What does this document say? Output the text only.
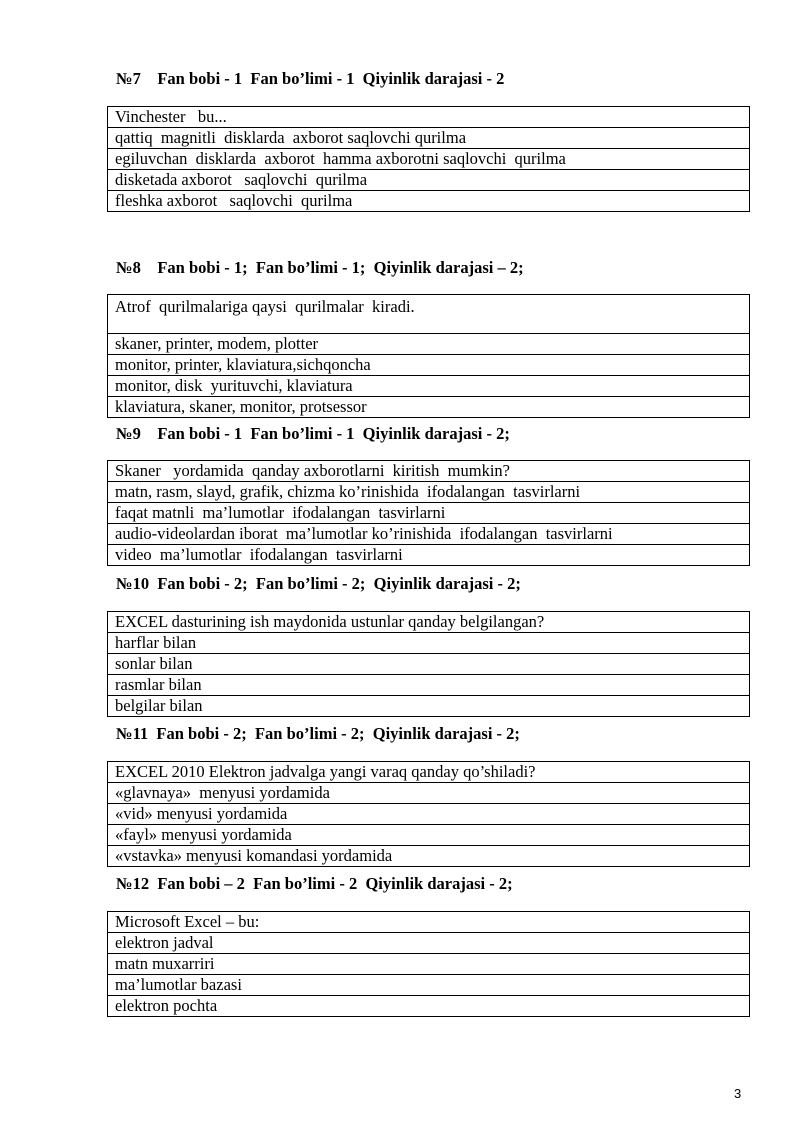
№7    Fan bobi - 1  Fan bo’limi - 1  Qiyinlik darajasi - 2
Vinchester   bu...
qattiq  magnitli  disklarda  axborot saqlovchi qurilma
egiluvchan  disklarda  axborot  hamma axborotni saqlovchi  qurilma
disketada axborot   saqlovchi  qurilma
fleshka axborot   saqlovchi  qurilma
№8    Fan bobi - 1;  Fan bo’limi - 1;  Qiyinlik darajasi – 2;
Atrof  qurilmalariga qaysi  qurilmalar  kiradi.
skaner, printer, modem, plotter
monitor, printer, klaviatura,sichqoncha
monitor, disk  yurituvchi, klaviatura
klaviatura, skaner, monitor, protsessor
№9    Fan bobi - 1  Fan bo’limi - 1  Qiyinlik darajasi - 2;
Skaner   yordamida  qanday axborotlarni  kiritish  mumkin?
matn, rasm, slayd, grafik, chizma ko’rinishida  ifodalangan  tasvirlarni
faqat matnli  ma’lumotlar  ifodalangan  tasvirlarni
audio-videolardan iborat  ma’lumotlar ko’rinishida  ifodalangan  tasvirlarni
video  ma’lumotlar  ifodalangan  tasvirlarni
№10  Fan bobi - 2;  Fan bo’limi - 2;  Qiyinlik darajasi - 2;
EXCEL dasturining ish maydonida ustunlar qanday belgilangan?
harflar bilan
sonlar bilan
rasmlar bilan
belgilar bilan
№11  Fan bobi - 2;  Fan bo’limi - 2;  Qiyinlik darajasi - 2;
EXCEL 2010 Elektron jadvalga yangi varaq qanday qo’shiladi?
«glavnaya»  menyusi yordamida
«vid» menyusi yordamida
«fayl» menyusi yordamida
«vstavka» menyusi komandasi yordamida
№12  Fan bobi – 2  Fan bo’limi - 2  Qiyinlik darajasi - 2;
Microsoft Excel – bu:
elektron jadval
matn muxarriri
ma’lumotlar bazasi
elektron pochta
3
